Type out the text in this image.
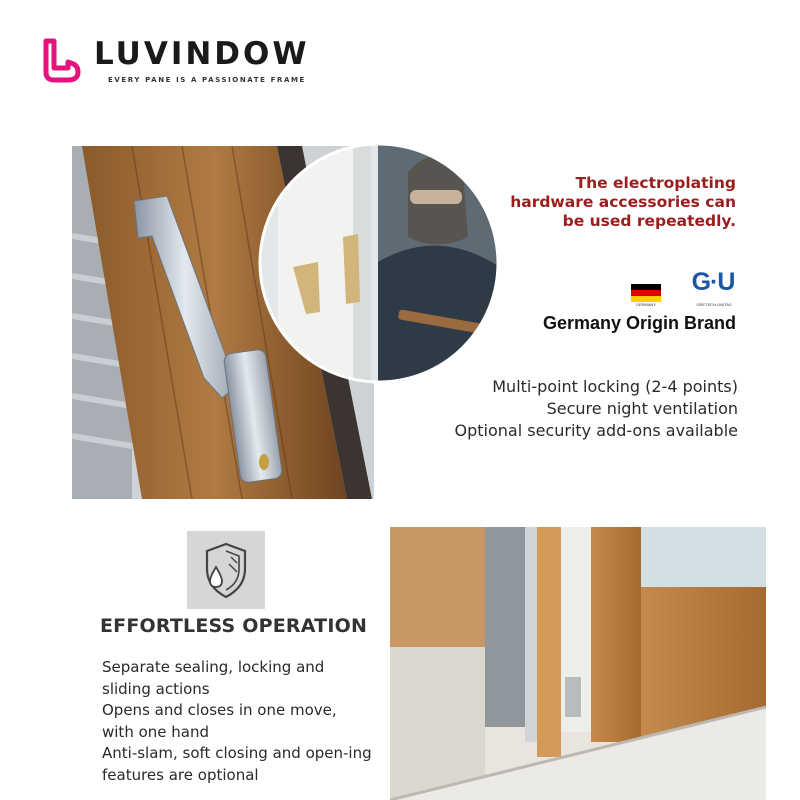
LUVINDOW
EVERY PANE IS A PASSIONATE FRAME
The electroplating hardware accessories can be used repeatedly.
GERMANY
G·U
GRETSCH-UNITAS
Germany Origin Brand
Multi-point locking (2-4 points)
Secure night ventilation
Optional security add-ons available
EFFORTLESS OPERATION
Separate sealing, locking and sliding actions
Opens and closes in one move, with one hand
Anti-slam, soft closing and open-ing features are optional
